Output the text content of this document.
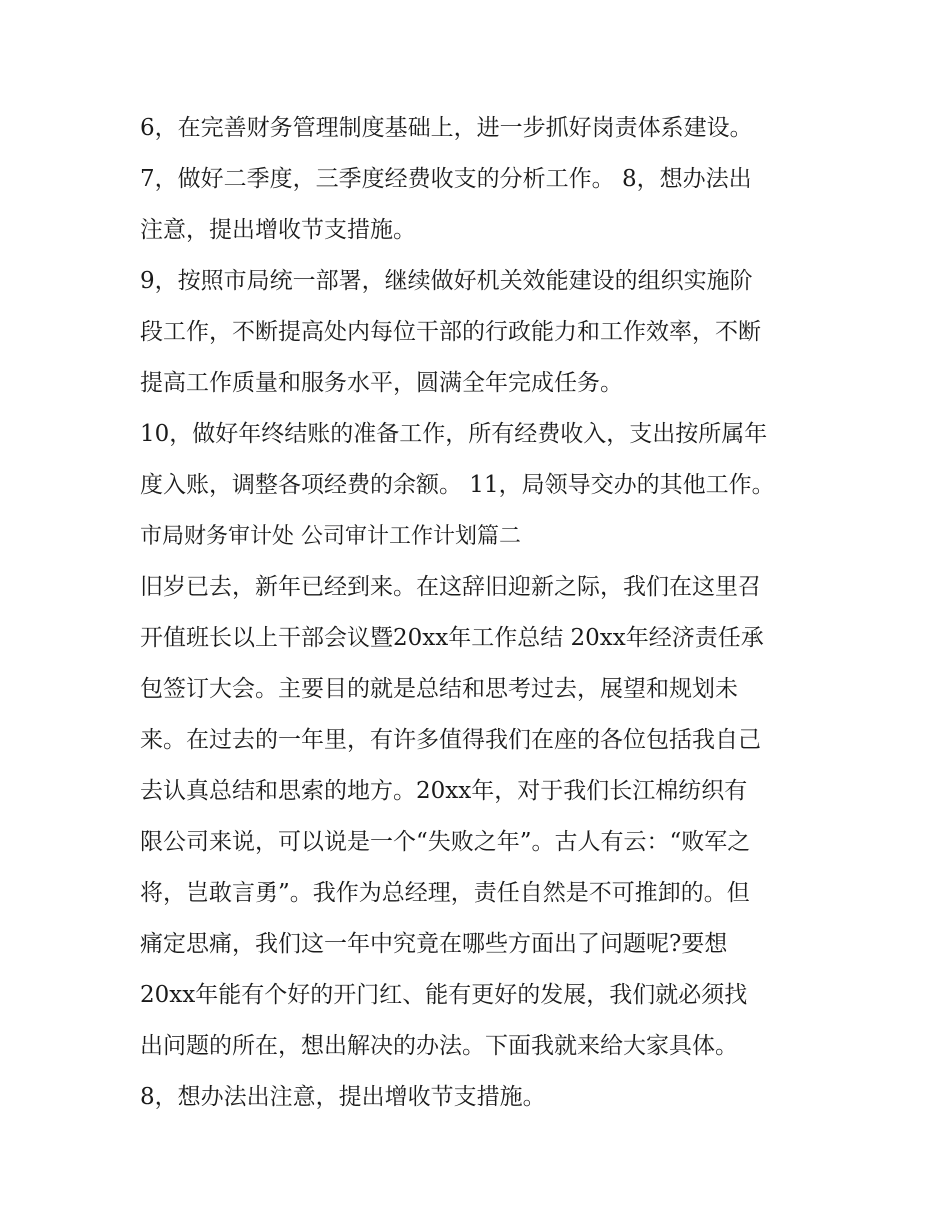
6，在完善财务管理制度基础上，进一步抓好岗责体系建设。
7，做好二季度，三季度经费收支的分析工作。 8，想办法出
注意，提出增收节支措施。
9，按照市局统一部署，继续做好机关效能建设的组织实施阶
段工作，不断提高处内每位干部的行政能力和工作效率，不断
提高工作质量和服务水平，圆满全年完成任务。
10，做好年终结账的准备工作，所有经费收入，支出按所属年
度入账，调整各项经费的余额。 11，局领导交办的其他工作。
市局财务审计处 公司审计工作计划篇二
旧岁已去，新年已经到来。在这辞旧迎新之际，我们在这里召
开值班长以上干部会议暨20xx年工作总结 20xx年经济责任承
包签订大会。主要目的就是总结和思考过去，展望和规划未
来。在过去的一年里，有许多值得我们在座的各位包括我自己
去认真总结和思索的地方。20xx年，对于我们长江棉纺织有
限公司来说，可以说是一个“失败之年”。古人有云：“败军之
将，岂敢言勇”。我作为总经理，责任自然是不可推卸的。但
痛定思痛，我们这一年中究竟在哪些方面出了问题呢?要想
20xx年能有个好的开门红、能有更好的发展，我们就必须找
出问题的所在，想出解决的办法。下面我就来给大家具体。
8，想办法出注意，提出增收节支措施。
